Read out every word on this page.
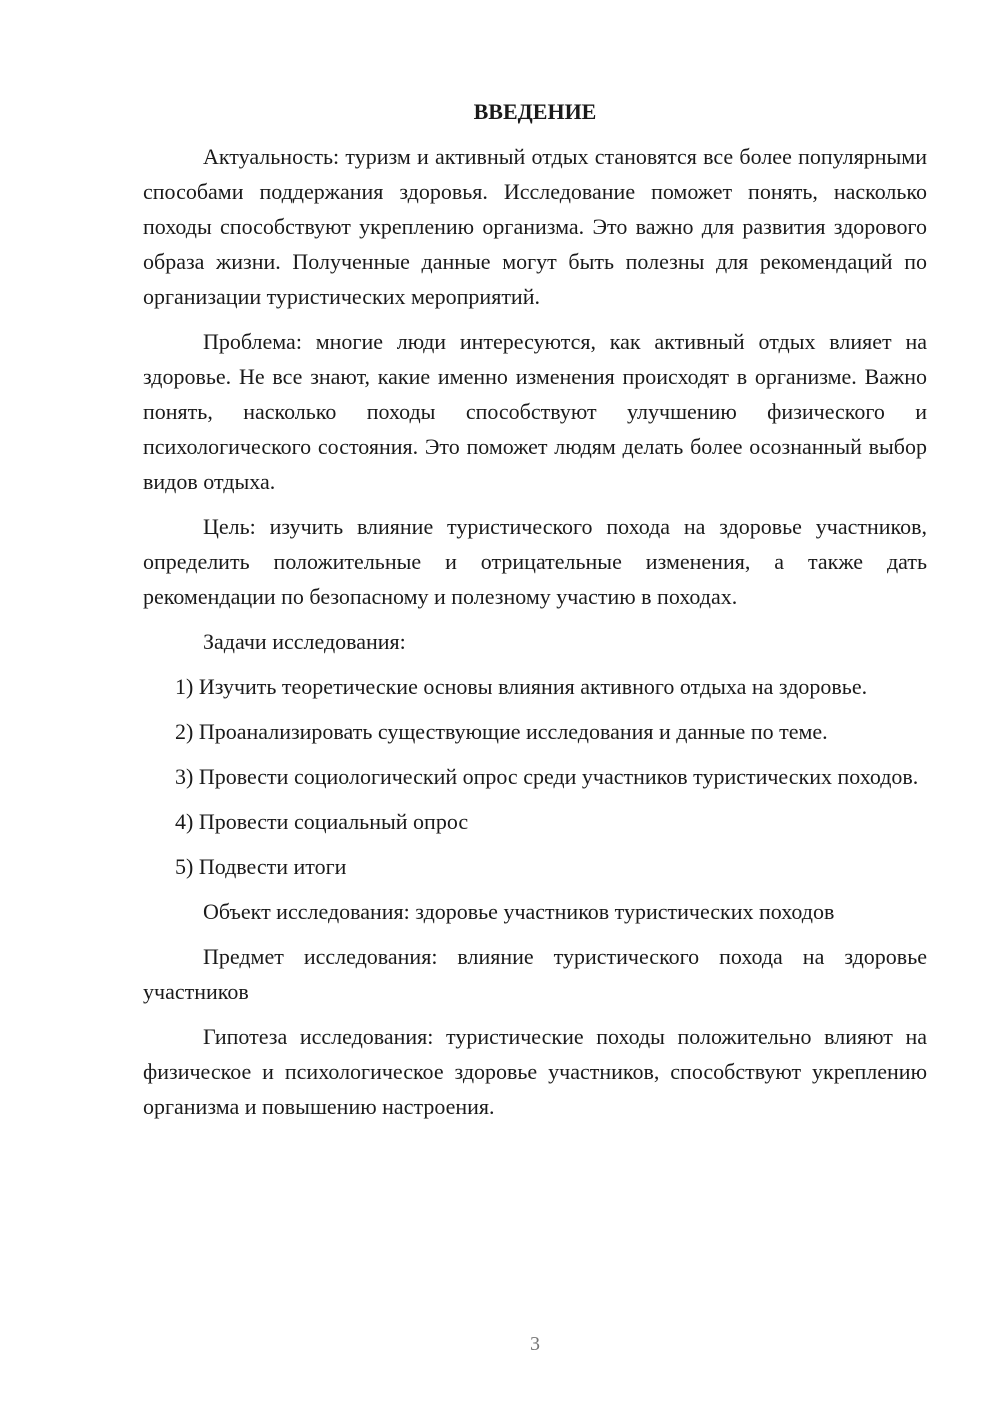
ВВЕДЕНИЕ

Актуальность: туризм и активный отдых становятся все более популярными способами поддержания здоровья. Исследование поможет понять, насколько походы способствуют укреплению организма. Это важно для развития здорового образа жизни. Полученные данные могут быть полезны для рекомендаций по организации туристических мероприятий.

Проблема: многие люди интересуются, как активный отдых влияет на здоровье. Не все знают, какие именно изменения происходят в организме. Важно понять, насколько походы способствуют улучшению физического и психологического состояния. Это поможет людям делать более осознанный выбор видов отдыха.

Цель: изучить влияние туристического похода на здоровье участников, определить положительные и отрицательные изменения, а также дать рекомендации по безопасному и полезному участию в походах.

Задачи исследования:

1) Изучить теоретические основы влияния активного отдыха на здоровье.

2) Проанализировать существующие исследования и данные по теме.

3) Провести социологический опрос среди участников туристических походов.

4) Провести социальный опрос

5) Подвести итоги

Объект исследования: здоровье участников туристических походов

Предмет исследования: влияние туристического похода на здоровье участников

Гипотеза исследования: туристические походы положительно влияют на физическое и психологическое здоровье участников, способствуют укреплению организма и повышению настроения.

3
